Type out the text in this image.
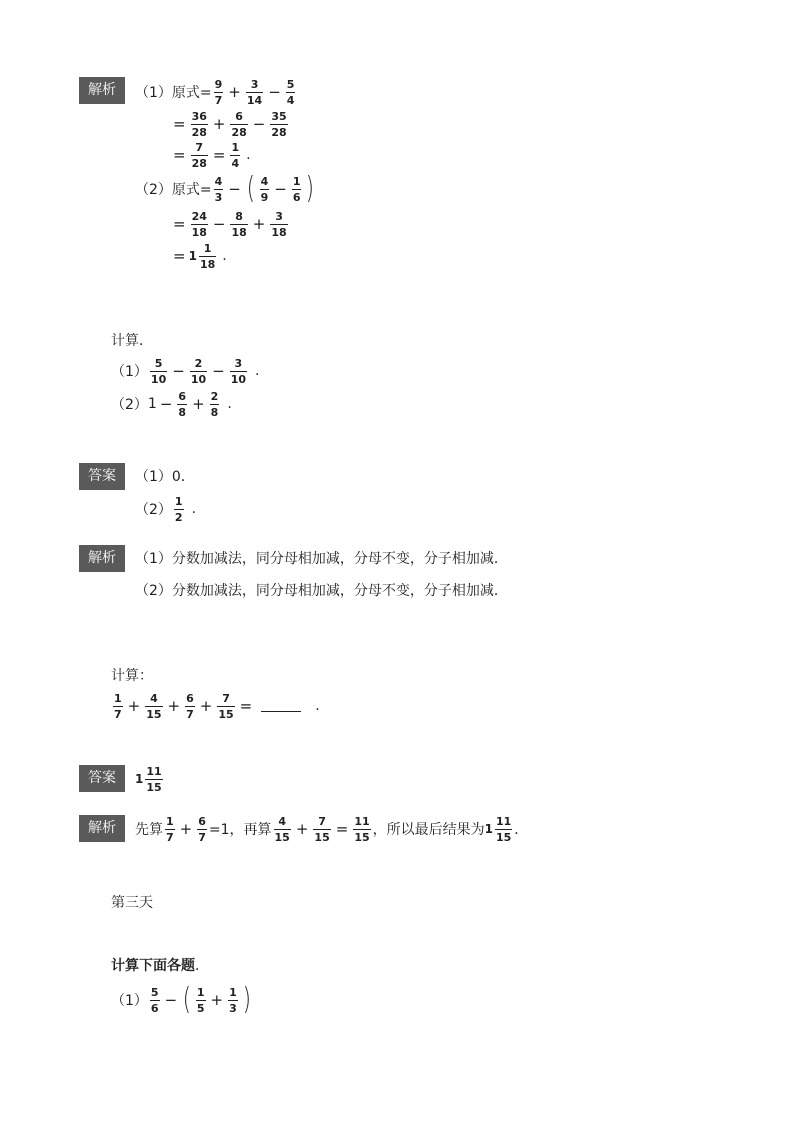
解析	（1）原式=
9
7 + 3
14 − 5
4
= 36
28 + 6
28 − 35
28
= 7
28 = 1
4 .
（2）原式=
4
3 − ( 4
9 − 1
6 )
= 24
18 − 8
18 + 3
18
= 1
1
18 .
计算．
（1）
5
10 − 2
10 − 3
10 .
（2） 1 − 6
8 + 2
8 .
答案	（1）0．
（2）
1
2 .
解析	（1）分数加减法，同分母相加减，分母不变，分子相加减．
（2）分数加减法，同分母相加减，分母不变，分子相加减．
计算：
1
7 + 4
15 + 6
7 + 7
15 =	.
答案	1
11
15
解析	先算
1
7 + 6
7 =1，再算
4
15 + 7
15 = 11
15 ，所以最后结果为 1
11
15 ．
第三天
计算下面各题 ．
（1）
5
6 − ( 1
5 + 1
3 )
